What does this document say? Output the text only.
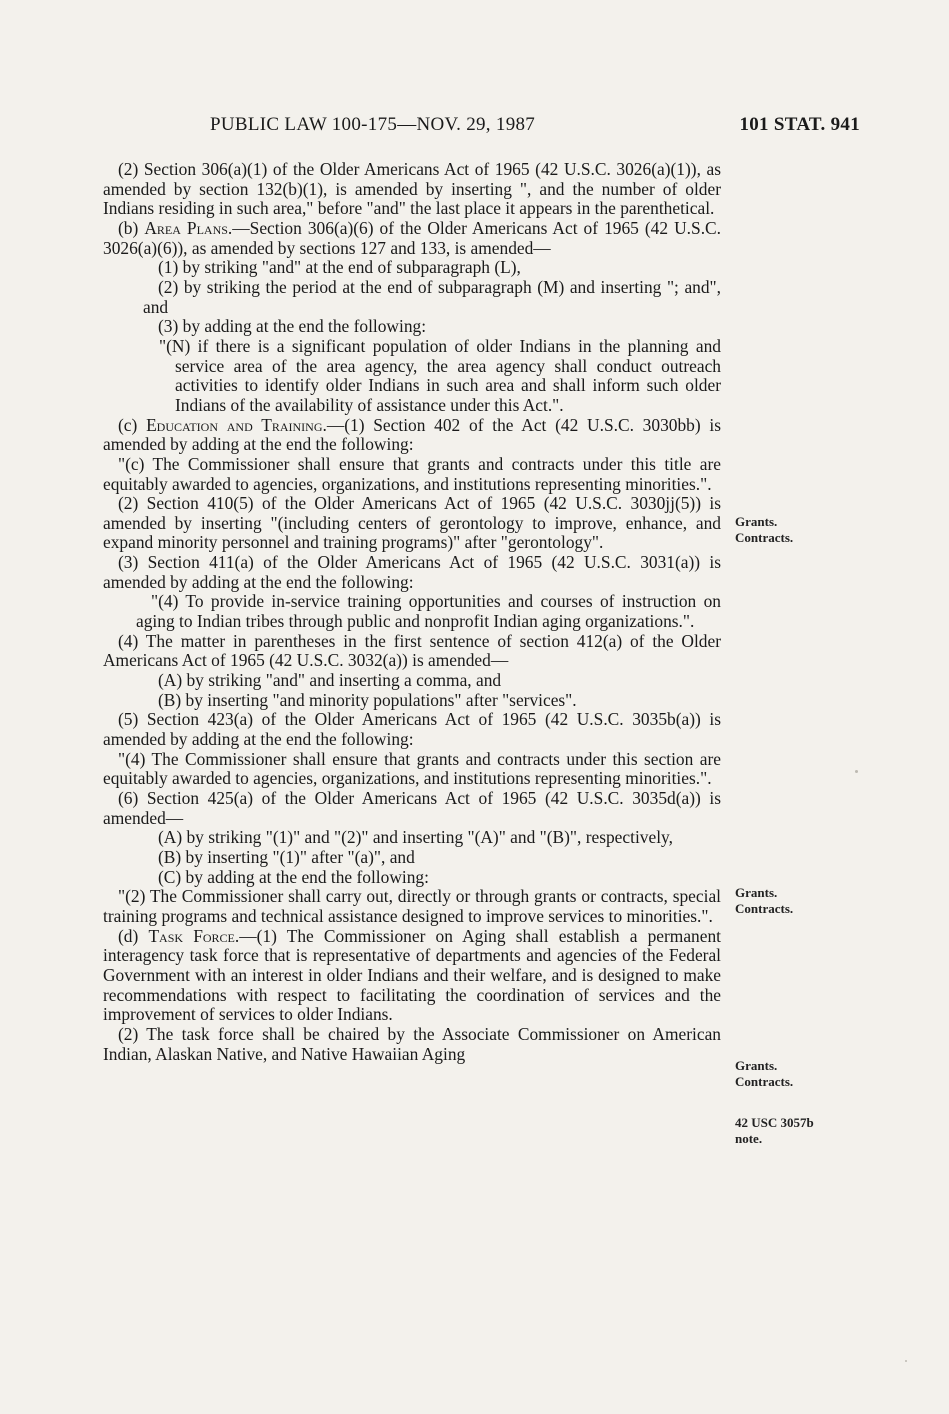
PUBLIC LAW 100-175—NOV. 29, 1987	101 STAT. 941

(2) Section 306(a)(1) of the Older Americans Act of 1965 (42 U.S.C. 3026(a)(1)), as amended by section 132(b)(1), is amended by inserting ", and the number of older Indians residing in such area," before "and" the last place it appears in the parenthetical.

(b) Area Plans.—Section 306(a)(6) of the Older Americans Act of 1965 (42 U.S.C. 3026(a)(6)), as amended by sections 127 and 133, is amended—

(1) by striking "and" at the end of subparagraph (L),

(2) by striking the period at the end of subparagraph (M) and inserting "; and", and

(3) by adding at the end the following:

"(N) if there is a significant population of older Indians in the planning and service area of the area agency, the area agency shall conduct outreach activities to identify older Indians in such area and shall inform such older Indians of the availability of assistance under this Act.".

(c) Education and Training.—(1) Section 402 of the Act (42 U.S.C. 3030bb) is amended by adding at the end the following:

"(c) The Commissioner shall ensure that grants and contracts under this title are equitably awarded to agencies, organizations, and institutions representing minorities.".

(2) Section 410(5) of the Older Americans Act of 1965 (42 U.S.C. 3030jj(5)) is amended by inserting "(including centers of gerontology to improve, enhance, and expand minority personnel and training programs)" after "gerontology".

(3) Section 411(a) of the Older Americans Act of 1965 (42 U.S.C. 3031(a)) is amended by adding at the end the following:

"(4) To provide in-service training opportunities and courses of instruction on aging to Indian tribes through public and nonprofit Indian aging organizations.".

(4) The matter in parentheses in the first sentence of section 412(a) of the Older Americans Act of 1965 (42 U.S.C. 3032(a)) is amended—

(A) by striking "and" and inserting a comma, and

(B) by inserting "and minority populations" after "services".

(5) Section 423(a) of the Older Americans Act of 1965 (42 U.S.C. 3035b(a)) is amended by adding at the end the following:

"(4) The Commissioner shall ensure that grants and contracts under this section are equitably awarded to agencies, organizations, and institutions representing minorities.".

(6) Section 425(a) of the Older Americans Act of 1965 (42 U.S.C. 3035d(a)) is amended—

(A) by striking "(1)" and "(2)" and inserting "(A)" and "(B)", respectively,

(B) by inserting "(1)" after "(a)", and

(C) by adding at the end the following:

"(2) The Commissioner shall carry out, directly or through grants or contracts, special training programs and technical assistance designed to improve services to minorities.".

(d) Task Force.—(1) The Commissioner on Aging shall establish a permanent interagency task force that is representative of departments and agencies of the Federal Government with an interest in older Indians and their welfare, and is designed to make recommendations with respect to facilitating the coordination of services and the improvement of services to older Indians.

(2) The task force shall be chaired by the Associate Commissioner on American Indian, Alaskan Native, and Native Hawaiian Aging

Grants.
Contracts.
Grants.
Contracts.
Grants.
Contracts.
42 USC 3057b
note.
